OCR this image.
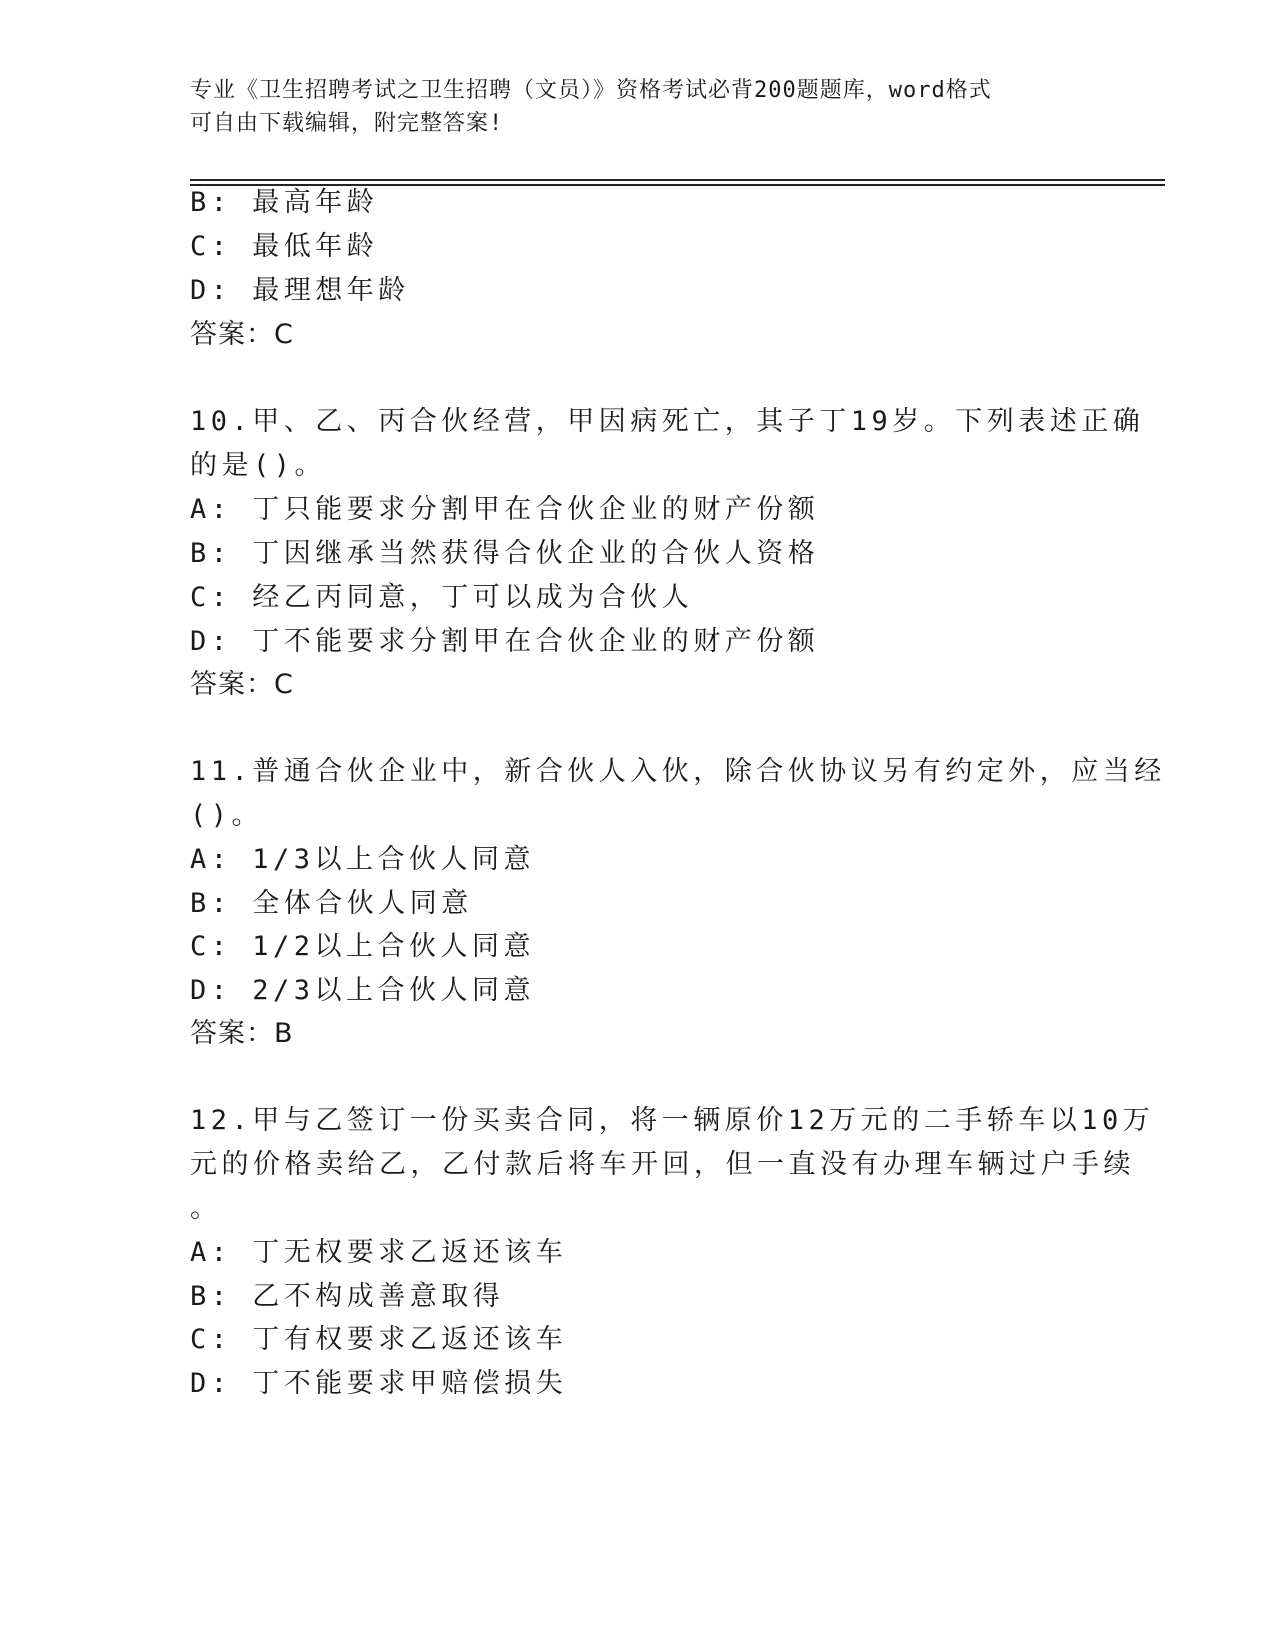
专业《卫生招聘考试之卫生招聘（文员）》资格考试必背200题题库，word格式
可自由下载编辑，附完整答案!
B: 最高年龄
C: 最低年龄
D: 最理想年龄
答案：C
10.甲、乙、丙合伙经营，甲因病死亡，其子丁19岁。下列表述正确
的是()。
A: 丁只能要求分割甲在合伙企业的财产份额
B: 丁因继承当然获得合伙企业的合伙人资格
C: 经乙丙同意，丁可以成为合伙人
D: 丁不能要求分割甲在合伙企业的财产份额
答案：C
11.普通合伙企业中，新合伙人入伙，除合伙协议另有约定外，应当经
()。
A: 1/3以上合伙人同意
B: 全体合伙人同意
C: 1/2以上合伙人同意
D: 2/3以上合伙人同意
答案：B
12.甲与乙签订一份买卖合同，将一辆原价12万元的二手轿车以10万
元的价格卖给乙，乙付款后将车开回，但一直没有办理车辆过户手续
。
A: 丁无权要求乙返还该车
B: 乙不构成善意取得
C: 丁有权要求乙返还该车
D: 丁不能要求甲赔偿损失
